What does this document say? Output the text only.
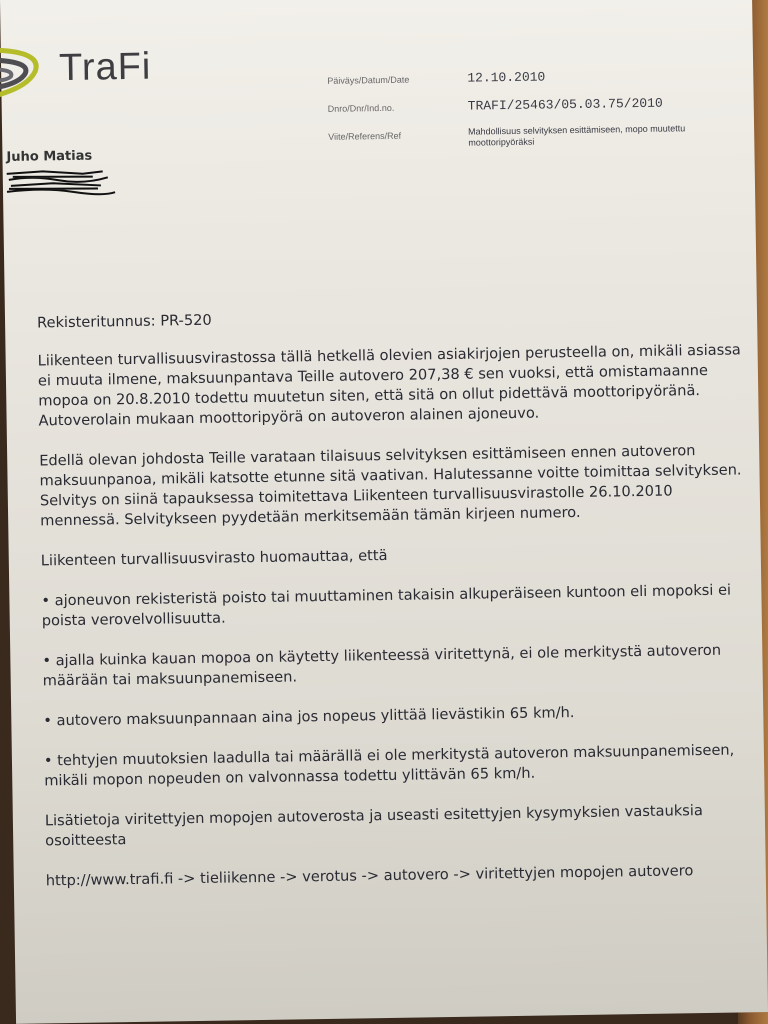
TraFi	Päiväys/Datum/Date	12.10.2010
Dnro/Dnr/Ind.no.	TRAFI/25463/05.03.75/2010
Viite/Referens/Ref	Mahdollisuus selvityksen esittämiseen, mopo muutettu moottoripyöräksi
Juho Matias

Rekisteritunnus: PR-520

Liikenteen turvallisuusvirastossa tällä hetkellä olevien asiakirjojen perusteella on, mikäli asiassa ei muuta ilmene, maksuunpantava Teille autovero 207,38 € sen vuoksi, että omistamaanne mopoa on 20.8.2010 todettu muutetun siten, että sitä on ollut pidettävä moottoripyöränä. Autoverolain mukaan moottoripyörä on autoveron alainen ajoneuvo.

Edellä olevan johdosta Teille varataan tilaisuus selvityksen esittämiseen ennen autoveron maksuunpanoa, mikäli katsotte etunne sitä vaativan. Halutessanne voitte toimittaa selvityksen. Selvitys on siinä tapauksessa toimitettava Liikenteen turvallisuusvirastolle 26.10.2010 mennessä. Selvitykseen pyydetään merkitsemään tämän kirjeen numero.

Liikenteen turvallisuusvirasto huomauttaa, että

• ajoneuvon rekisteristä poisto tai muuttaminen takaisin alkuperäiseen kuntoon eli mopoksi ei poista verovelvollisuutta.

• ajalla kuinka kauan mopoa on käytetty liikenteessä viritettynä, ei ole merkitystä autoveron määrään tai maksuunpanemiseen.

• autovero maksuunpannaan aina jos nopeus ylittää lievästikin 65 km/h.

• tehtyjen muutoksien laadulla tai määrällä ei ole merkitystä autoveron maksuunpanemiseen, mikäli mopon nopeuden on valvonnassa todettu ylittävän 65 km/h.

Lisätietoja viritettyjen mopojen autoverosta ja useasti esitettyjen kysymyksien vastauksia osoitteesta

http://www.trafi.fi -> tieliikenne -> verotus -> autovero -> viritettyjen mopojen autovero
